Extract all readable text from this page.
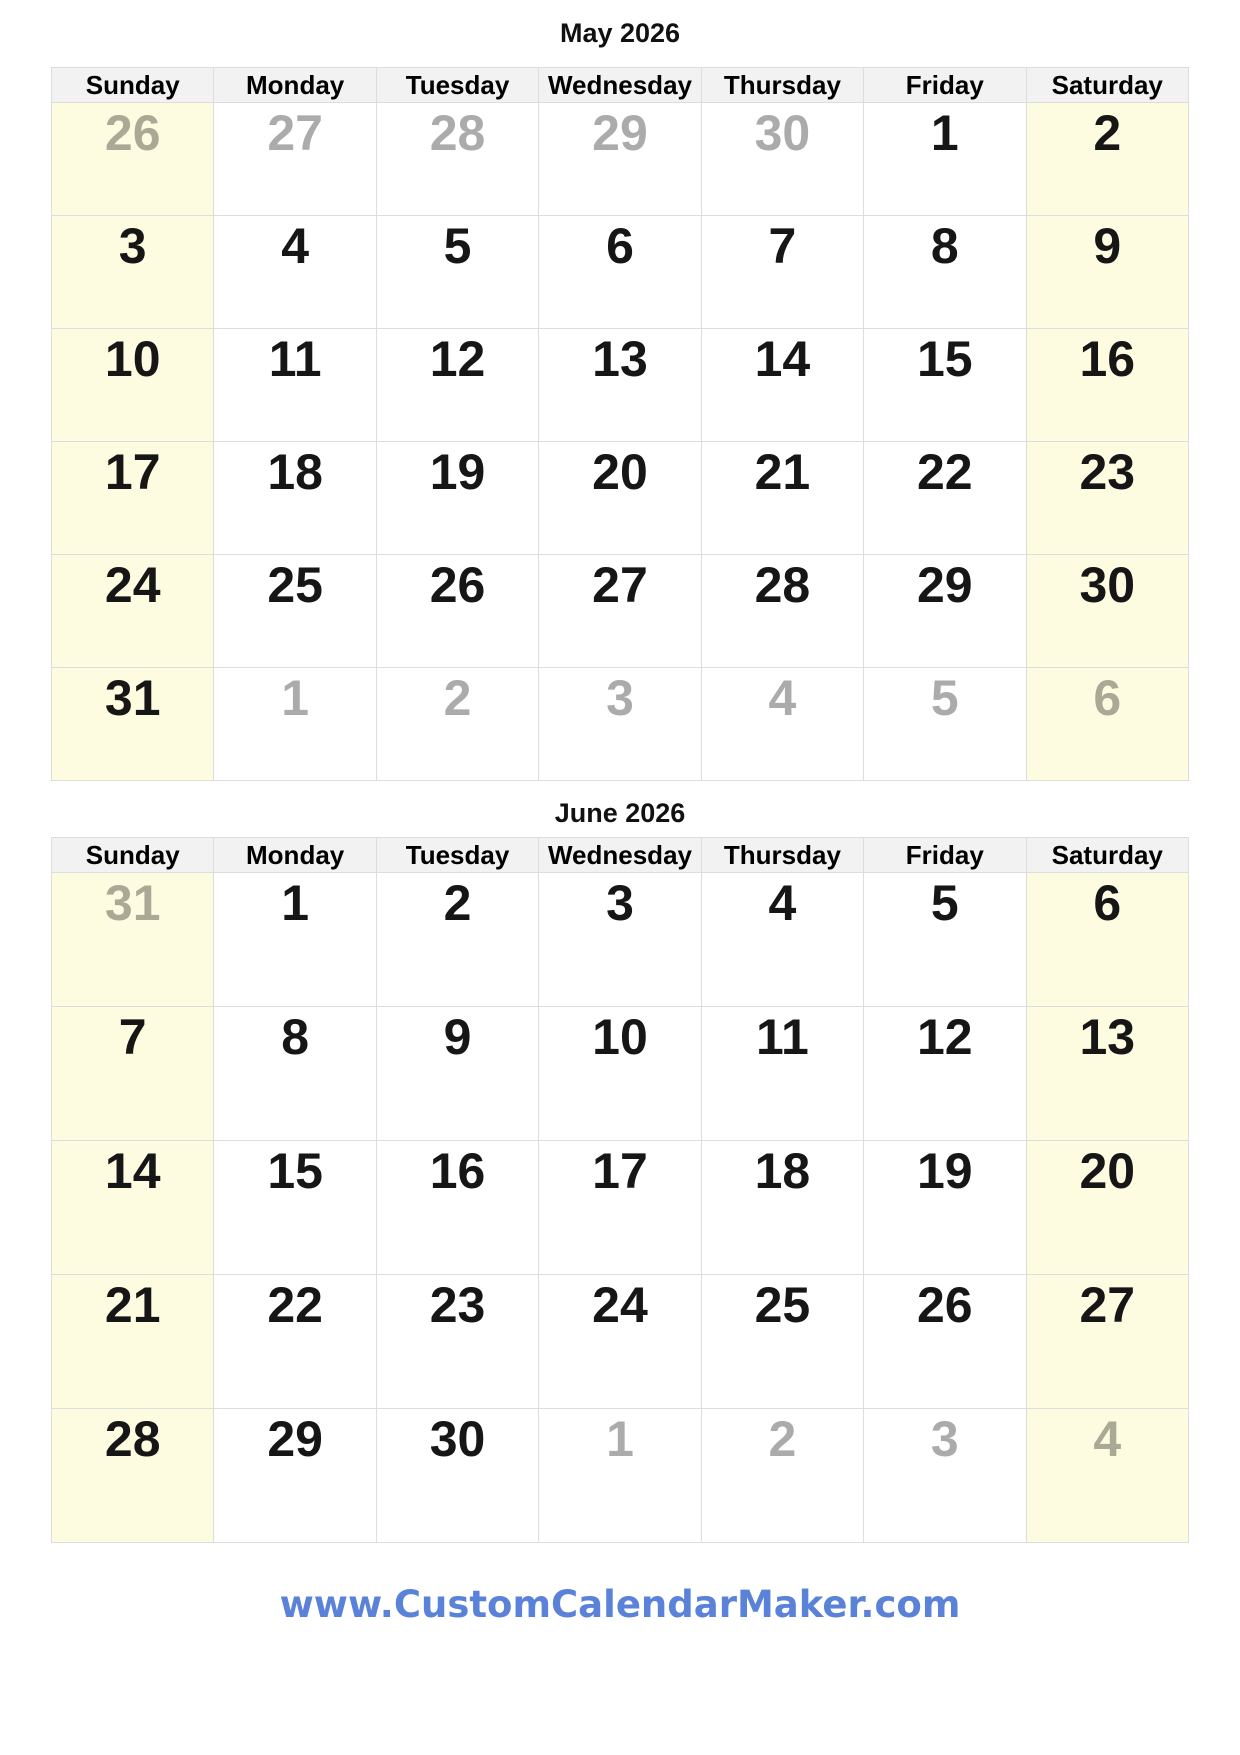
May 2026
Sunday	Monday	Tuesday	Wednesday	Thursday	Friday	Saturday
26	27	28	29	30	1	2
3	4	5	6	7	8	9
10	11	12	13	14	15	16
17	18	19	20	21	22	23
24	25	26	27	28	29	30
31	1	2	3	4	5	6
June 2026
Sunday	Monday	Tuesday	Wednesday	Thursday	Friday	Saturday
31	1	2	3	4	5	6
7	8	9	10	11	12	13
14	15	16	17	18	19	20
21	22	23	24	25	26	27
28	29	30	1	2	3	4
www.CustomCalendarMaker.com
